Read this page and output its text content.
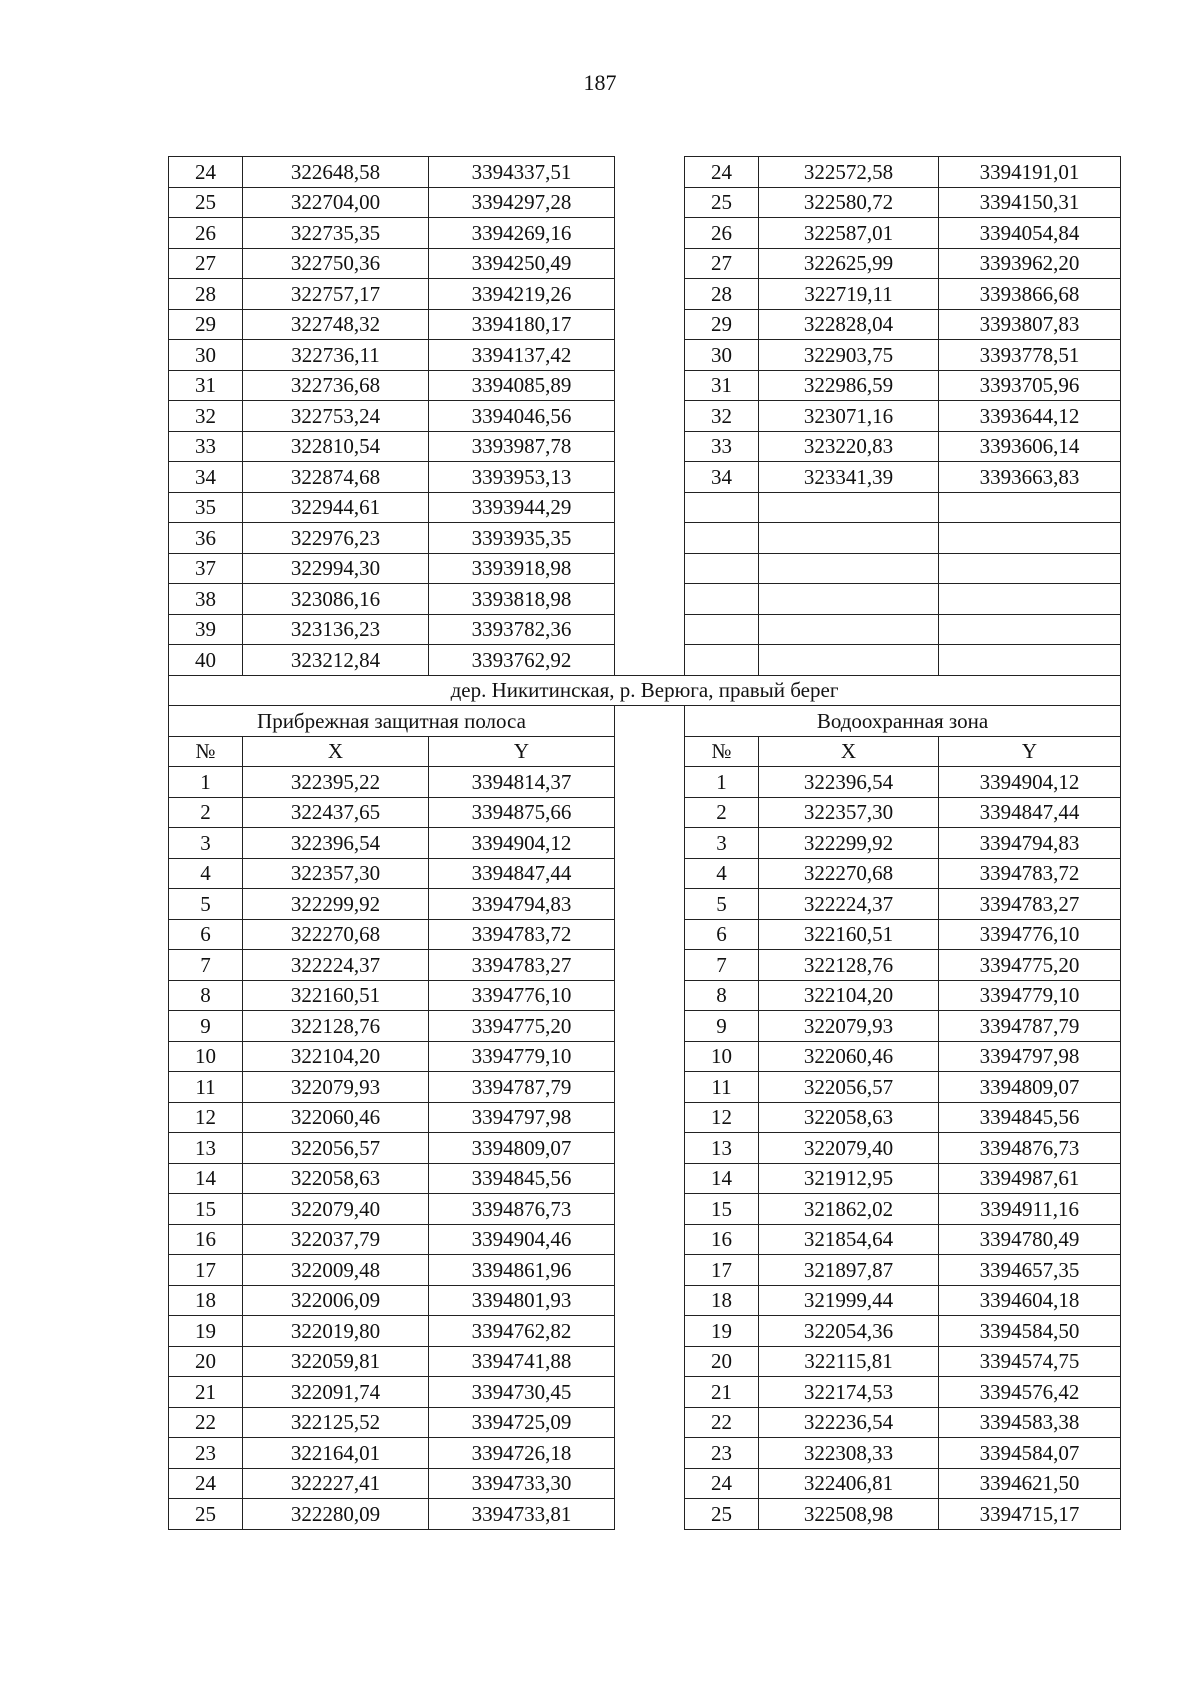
187
24	322648,58	3394337,51		24	322572,58	3394191,01
25	322704,00	3394297,28		25	322580,72	3394150,31
26	322735,35	3394269,16		26	322587,01	3394054,84
27	322750,36	3394250,49		27	322625,99	3393962,20
28	322757,17	3394219,26		28	322719,11	3393866,68
29	322748,32	3394180,17		29	322828,04	3393807,83
30	322736,11	3394137,42		30	322903,75	3393778,51
31	322736,68	3394085,89		31	322986,59	3393705,96
32	322753,24	3394046,56		32	323071,16	3393644,12
33	322810,54	3393987,78		33	323220,83	3393606,14
34	322874,68	3393953,13		34	323341,39	3393663,83
35	322944,61	3393944,29				
36	322976,23	3393935,35				
37	322994,30	3393918,98				
38	323086,16	3393818,98				
39	323136,23	3393782,36				
40	323212,84	3393762,92				
дер. Никитинская, р. Верюга, правый берег						
Прибрежная защитная полоса				Водоохранная зона		
№	X	Y		№	X	Y
1	322395,22	3394814,37		1	322396,54	3394904,12
2	322437,65	3394875,66		2	322357,30	3394847,44
3	322396,54	3394904,12		3	322299,92	3394794,83
4	322357,30	3394847,44		4	322270,68	3394783,72
5	322299,92	3394794,83		5	322224,37	3394783,27
6	322270,68	3394783,72		6	322160,51	3394776,10
7	322224,37	3394783,27		7	322128,76	3394775,20
8	322160,51	3394776,10		8	322104,20	3394779,10
9	322128,76	3394775,20		9	322079,93	3394787,79
10	322104,20	3394779,10		10	322060,46	3394797,98
11	322079,93	3394787,79		11	322056,57	3394809,07
12	322060,46	3394797,98		12	322058,63	3394845,56
13	322056,57	3394809,07		13	322079,40	3394876,73
14	322058,63	3394845,56		14	321912,95	3394987,61
15	322079,40	3394876,73		15	321862,02	3394911,16
16	322037,79	3394904,46		16	321854,64	3394780,49
17	322009,48	3394861,96		17	321897,87	3394657,35
18	322006,09	3394801,93		18	321999,44	3394604,18
19	322019,80	3394762,82		19	322054,36	3394584,50
20	322059,81	3394741,88		20	322115,81	3394574,75
21	322091,74	3394730,45		21	322174,53	3394576,42
22	322125,52	3394725,09		22	322236,54	3394583,38
23	322164,01	3394726,18		23	322308,33	3394584,07
24	322227,41	3394733,30		24	322406,81	3394621,50
25	322280,09	3394733,81		25	322508,98	3394715,17
